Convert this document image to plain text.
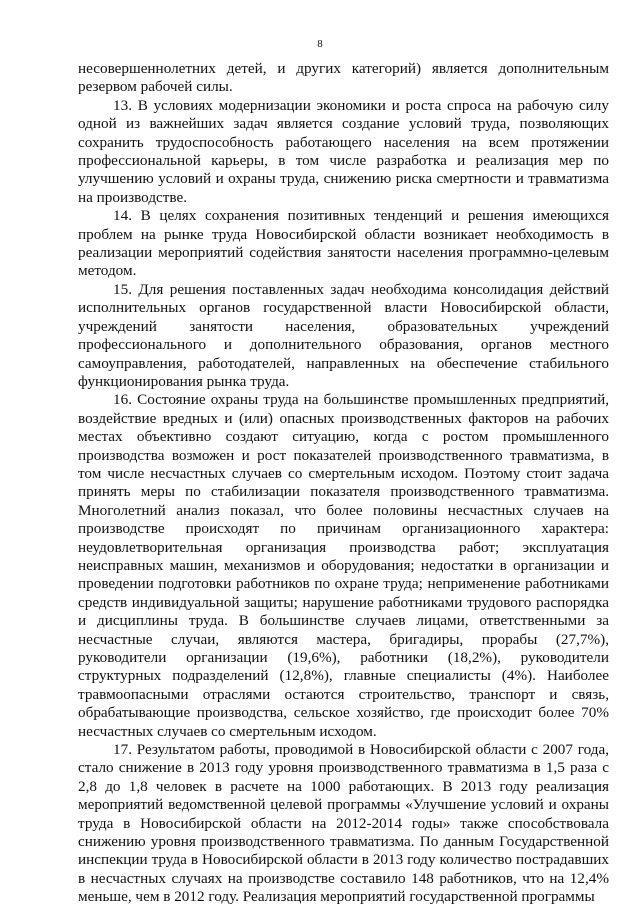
8

несовершеннолетних детей, и других категорий) является дополнительным резервом рабочей силы.

13. В условиях модернизации экономики и роста спроса на рабочую силу одной из важнейших задач является создание условий труда, позволяющих сохранить трудоспособность работающего населения на всем протяжении профессиональной карьеры, в том числе разработка и реализация мер по улучшению условий и охраны труда, снижению риска смертности и травматизма на производстве.

14. В целях сохранения позитивных тенденций и решения имеющихся проблем на рынке труда Новосибирской области возникает необходимость в реализации мероприятий содействия занятости населения программно-целевым методом.

15. Для решения поставленных задач необходима консолидация действий исполнительных органов государственной власти Новосибирской области, учреждений занятости населения, образовательных учреждений профессионального и дополнительного образования, органов местного самоуправления, работодателей, направленных на обеспечение стабильного функционирования рынка труда.

16. Состояние охраны труда на большинстве промышленных предприятий, воздействие вредных и (или) опасных производственных факторов на рабочих местах объективно создают ситуацию, когда с ростом промышленного производства возможен и рост показателей производственного травматизма, в том числе несчастных случаев со смертельным исходом. Поэтому стоит задача принять меры по стабилизации показателя производственного травматизма. Многолетний анализ показал, что более половины несчастных случаев на производстве происходят по причинам организационного характера: неудовлетворительная организация производства работ; эксплуатация неисправных машин, механизмов и оборудования; недостатки в организации и проведении подготовки работников по охране труда; неприменение работниками средств индивидуальной защиты; нарушение работниками трудового распорядка и дисциплины труда. В большинстве случаев лицами, ответственными за несчастные случаи, являются мастера, бригадиры, прорабы (27,7%), руководители организации (19,6%), работники (18,2%), руководители структурных подразделений (12,8%), главные специалисты (4%). Наиболее травмоопасными отраслями остаются строительство, транспорт и связь, обрабатывающие производства, сельское хозяйство, где происходит более 70% несчастных случаев со смертельным исходом.

17. Результатом работы, проводимой в Новосибирской области с 2007 года, стало снижение в 2013 году уровня производственного травматизма в 1,5 раза с 2,8 до 1,8 человек в расчете на 1000 работающих. В 2013 году реализация мероприятий ведомственной целевой программы «Улучшение условий и охраны труда в Новосибирской области на 2012-2014 годы» также способствовала снижению уровня производственного травматизма. По данным Государственной инспекции труда в Новосибирской области в 2013 году количество пострадавших в несчастных случаях на производстве составило 148 работников, что на 12,4% меньше, чем в 2012 году. Реализация мероприятий государственной программы
